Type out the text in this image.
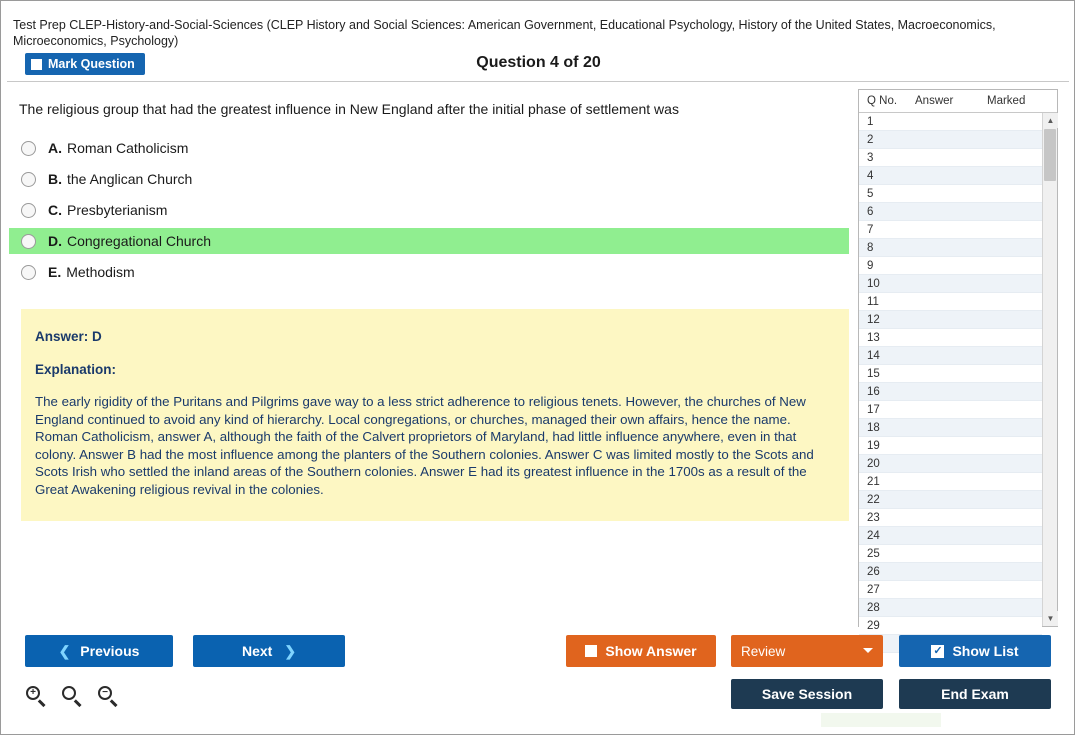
Test Prep CLEP-History-and-Social-Sciences (CLEP History and Social Sciences: American Government, Educational Psychology, History of the United States, Macroeconomics, Microeconomics, Psychology)
Mark Question	Question 4 of 20
The religious group that had the greatest influence in New England after the initial phase of settlement was
A. Roman Catholicism
B. the Anglican Church
C. Presbyterianism
D. Congregational Church
E. Methodism
Answer: D
Explanation:
The early rigidity of the Puritans and Pilgrims gave way to a less strict adherence to religious tenets. However, the churches of New England continued to avoid any kind of hierarchy. Local congregations, or churches, managed their own affairs, hence the name. Roman Catholicism, answer A, although the faith of the Calvert proprietors of Maryland, had little influence anywhere, even in that colony. Answer B had the most influence among the planters of the Southern colonies. Answer C was limited mostly to the Scots and Scots Irish who settled the inland areas of the Southern colonies. Answer E had its greatest influence in the 1700s as a result of the Great Awakening religious revival in the colonies.
Q No.	Answer	Marked
1
2
3
4
5
6
7
8
9
10
11
12
13
14
15
16
17
18
19
20
21
22
23
24
25
26
27
28
29
▲
▼
❮ Previous	Next ❯	Show Answer	Review	✓ Show List
Save Session	End Exam
+	−
